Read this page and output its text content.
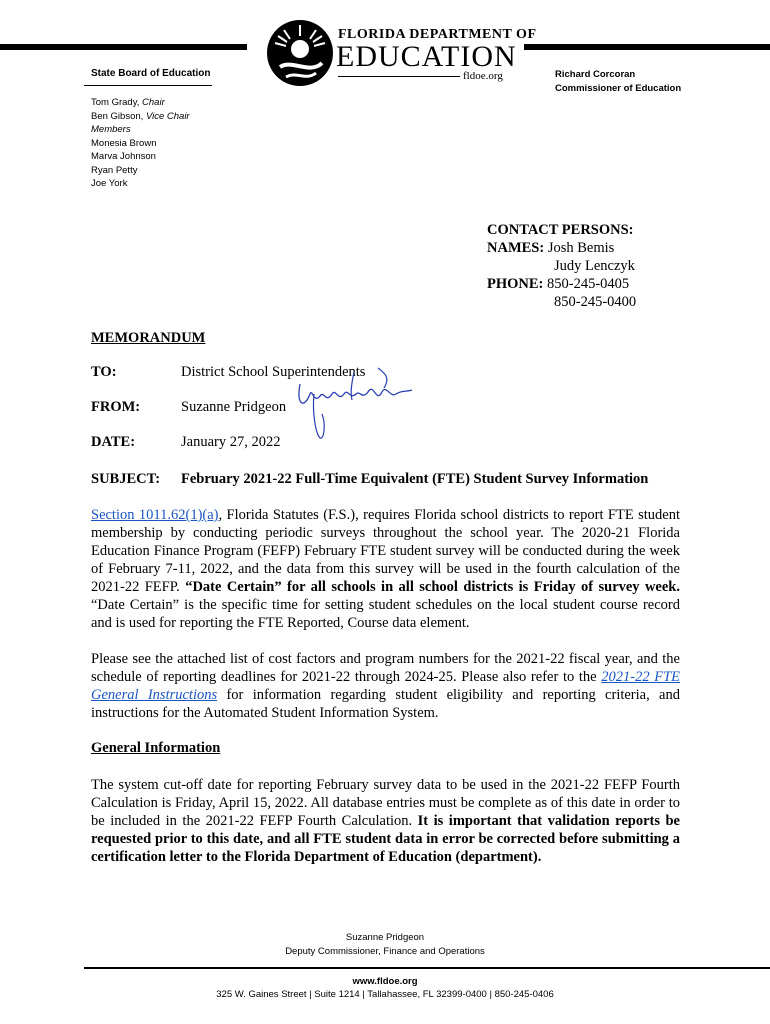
FLORIDA DEPARTMENT OF
EDUCATION
fldoe.org
State Board of Education
Tom Grady, Chair
Ben Gibson, Vice Chair
Members
Monesia Brown
Marva Johnson
Ryan Petty
Joe York
Richard Corcoran
Commissioner of Education
CONTACT PERSONS:
NAMES: Josh Bemis
Judy Lenczyk
PHONE: 850-245-0405
850-245-0400
MEMORANDUM
TO:	District School Superintendents
FROM:	Suzanne Pridgeon
DATE:	January 27, 2022
SUBJECT: February 2021-22 Full-Time Equivalent (FTE) Student Survey Information
Section 1011.62(1)(a), Florida Statutes (F.S.), requires Florida school districts to report FTE student membership by conducting periodic surveys throughout the school year. The 2020-21 Florida Education Finance Program (FEFP) February FTE student survey will be conducted during the week of February 7-11, 2022, and the data from this survey will be used in the fourth calculation of the 2021-22 FEFP. “Date Certain” for all schools in all school districts is Friday of survey week. “Date Certain” is the specific time for setting student schedules on the local student course record and is used for reporting the FTE Reported, Course data element.
Please see the attached list of cost factors and program numbers for the 2021-22 fiscal year, and the schedule of reporting deadlines for 2021-22 through 2024-25. Please also refer to the 2021-22 FTE General Instructions for information regarding student eligibility and reporting criteria, and instructions for the Automated Student Information System.
General Information
The system cut-off date for reporting February survey data to be used in the 2021-22 FEFP Fourth Calculation is Friday, April 15, 2022. All database entries must be complete as of this date in order to be included in the 2021-22 FEFP Fourth Calculation. It is important that validation reports be requested prior to this date, and all FTE student data in error be corrected before submitting a certification letter to the Florida Department of Education (department).
Suzanne Pridgeon
Deputy Commissioner, Finance and Operations
www.fldoe.org
325 W. Gaines Street | Suite 1214 | Tallahassee, FL 32399-0400 | 850-245-0406
